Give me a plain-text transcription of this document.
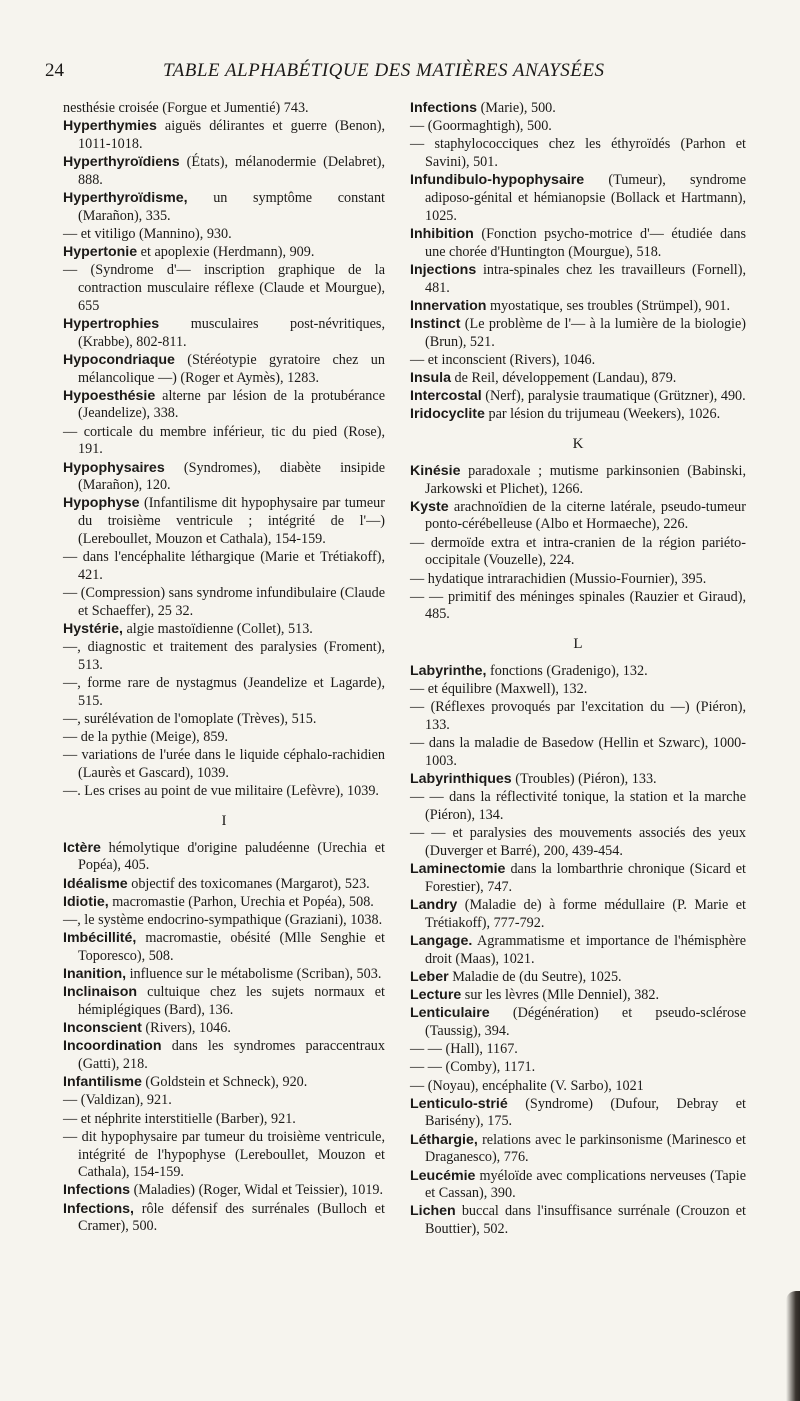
24	TABLE ALPHABÉTIQUE DES MATIÈRES ANAYSÉES
nesthésie croisée (Forgue et Jumentié) 743.
Hyperthymies aiguës délirantes et guerre (Benon), 1011-1018.
Hyperthyroïdiens (États), mélanodermie (Delabret), 888.
Hyperthyroïdisme, un symptôme constant (Marañon), 335.
— et vitiligo (Mannino), 930.
Hypertonie et apoplexie (Herdmann), 909.
— (Syndrome d'— inscription graphique de la contraction musculaire réflexe (Claude et Mourgue), 655
Hypertrophies musculaires post-névritiques, (Krabbe), 802-811.
Hypocondriaque (Stéréotypie gyratoire chez un mélancolique —) (Roger et Aymès), 1283.
Hypoesthésie alterne par lésion de la protubérance (Jeandelize), 338.
— corticale du membre inférieur, tic du pied (Rose), 191.
Hypophysaires (Syndromes), diabète insipide (Marañon), 120.
Hypophyse (Infantilisme dit hypophysaire par tumeur du troisième ventricule ; intégrité de l'—) (Lereboullet, Mouzon et Cathala), 154-159.
— dans l'encéphalite léthargique (Marie et Trétiakoff), 421.
— (Compression) sans syndrome infundibulaire (Claude et Schaeffer), 25 32.
Hystérie, algie mastoïdienne (Collet), 513.
—, diagnostic et traitement des paralysies (Froment), 513.
—, forme rare de nystagmus (Jeandelize et Lagarde), 515.
—, surélévation de l'omoplate (Trèves), 515.
— de la pythie (Meige), 859.
— variations de l'urée dans le liquide céphalo-rachidien (Laurès et Gascard), 1039.
—. Les crises au point de vue militaire (Lefèvre), 1039.
I
Ictère hémolytique d'origine paludéenne (Urechia et Popéa), 405.
Idéalisme objectif des toxicomanes (Margarot), 523.
Idiotie, macromastie (Parhon, Urechia et Popéa), 508.
—, le système endocrino-sympathique (Graziani), 1038.
Imbécillité, macromastie, obésité (Mlle Senghie et Toporesco), 508.
Inanition, influence sur le métabolisme (Scriban), 503.
Inclinaison cultuique chez les sujets normaux et hémiplégiques (Bard), 136.
Inconscient (Rivers), 1046.
Incoordination dans les syndromes paraccentraux (Gatti), 218.
Infantilisme (Goldstein et Schneck), 920.
— (Valdizan), 921.
— et néphrite interstitielle (Barber), 921.
— dit hypophysaire par tumeur du troisième ventricule, intégrité de l'hypophyse (Lereboullet, Mouzon et Cathala), 154-159.
Infections (Maladies) (Roger, Widal et Teissier), 1019.
Infections, rôle défensif des surrénales (Bulloch et Cramer), 500.
Infections (Marie), 500.
— (Goormaghtigh), 500.
— staphylococciques chez les éthyroïdés (Parhon et Savini), 501.
Infundibulo-hypophysaire (Tumeur), syndrome adiposo-génital et hémianopsie (Bollack et Hartmann), 1025.
Inhibition (Fonction psycho-motrice d'— étudiée dans une chorée d'Huntington (Mourgue), 518.
Injections intra-spinales chez les travailleurs (Fornell), 481.
Innervation myostatique, ses troubles (Strümpel), 901.
Instinct (Le problème de l'— à la lumière de la biologie) (Brun), 521.
— et inconscient (Rivers), 1046.
Insula de Reil, développement (Landau), 879.
Intercostal (Nerf), paralysie traumatique (Grützner), 490.
Iridocyclite par lésion du trijumeau (Weekers), 1026.
K
Kinésie paradoxale ; mutisme parkinsonien (Babinski, Jarkowski et Plichet), 1266.
Kyste arachnoïdien de la citerne latérale, pseudo-tumeur ponto-cérébelleuse (Albo et Hormaeche), 226.
— dermoïde extra et intra-cranien de la région pariéto-occipitale (Vouzelle), 224.
— hydatique intrarachidien (Mussio-Fournier), 395.
— — primitif des méninges spinales (Rauzier et Giraud), 485.
L
Labyrinthe, fonctions (Gradenigo), 132.
— et équilibre (Maxwell), 132.
— (Réflexes provoqués par l'excitation du —) (Piéron), 133.
— dans la maladie de Basedow (Hellin et Szwarc), 1000-1003.
Labyrinthiques (Troubles) (Piéron), 133.
— — dans la réflectivité tonique, la station et la marche (Piéron), 134.
— — et paralysies des mouvements associés des yeux (Duverger et Barré), 200, 439-454.
Laminectomie dans la lombarthrie chronique (Sicard et Forestier), 747.
Landry (Maladie de) à forme médullaire (P. Marie et Trétiakoff), 777-792.
Langage. Agrammatisme et importance de l'hémisphère droit (Maas), 1021.
Leber Maladie de (du Seutre), 1025.
Lecture sur les lèvres (Mlle Denniel), 382.
Lenticulaire (Dégénération) et pseudo-sclérose (Taussig), 394.
— — (Hall), 1167.
— — (Comby), 1171.
— (Noyau), encéphalite (V. Sarbo), 1021
Lenticulo-strié (Syndrome) (Dufour, Debray et Barisény), 175.
Léthargie, relations avec le parkinsonisme (Marinesco et Draganesco), 776.
Leucémie myéloïde avec complications nerveuses (Tapie et Cassan), 390.
Lichen buccal dans l'insuffisance surrénale (Crouzon et Bouttier), 502.
